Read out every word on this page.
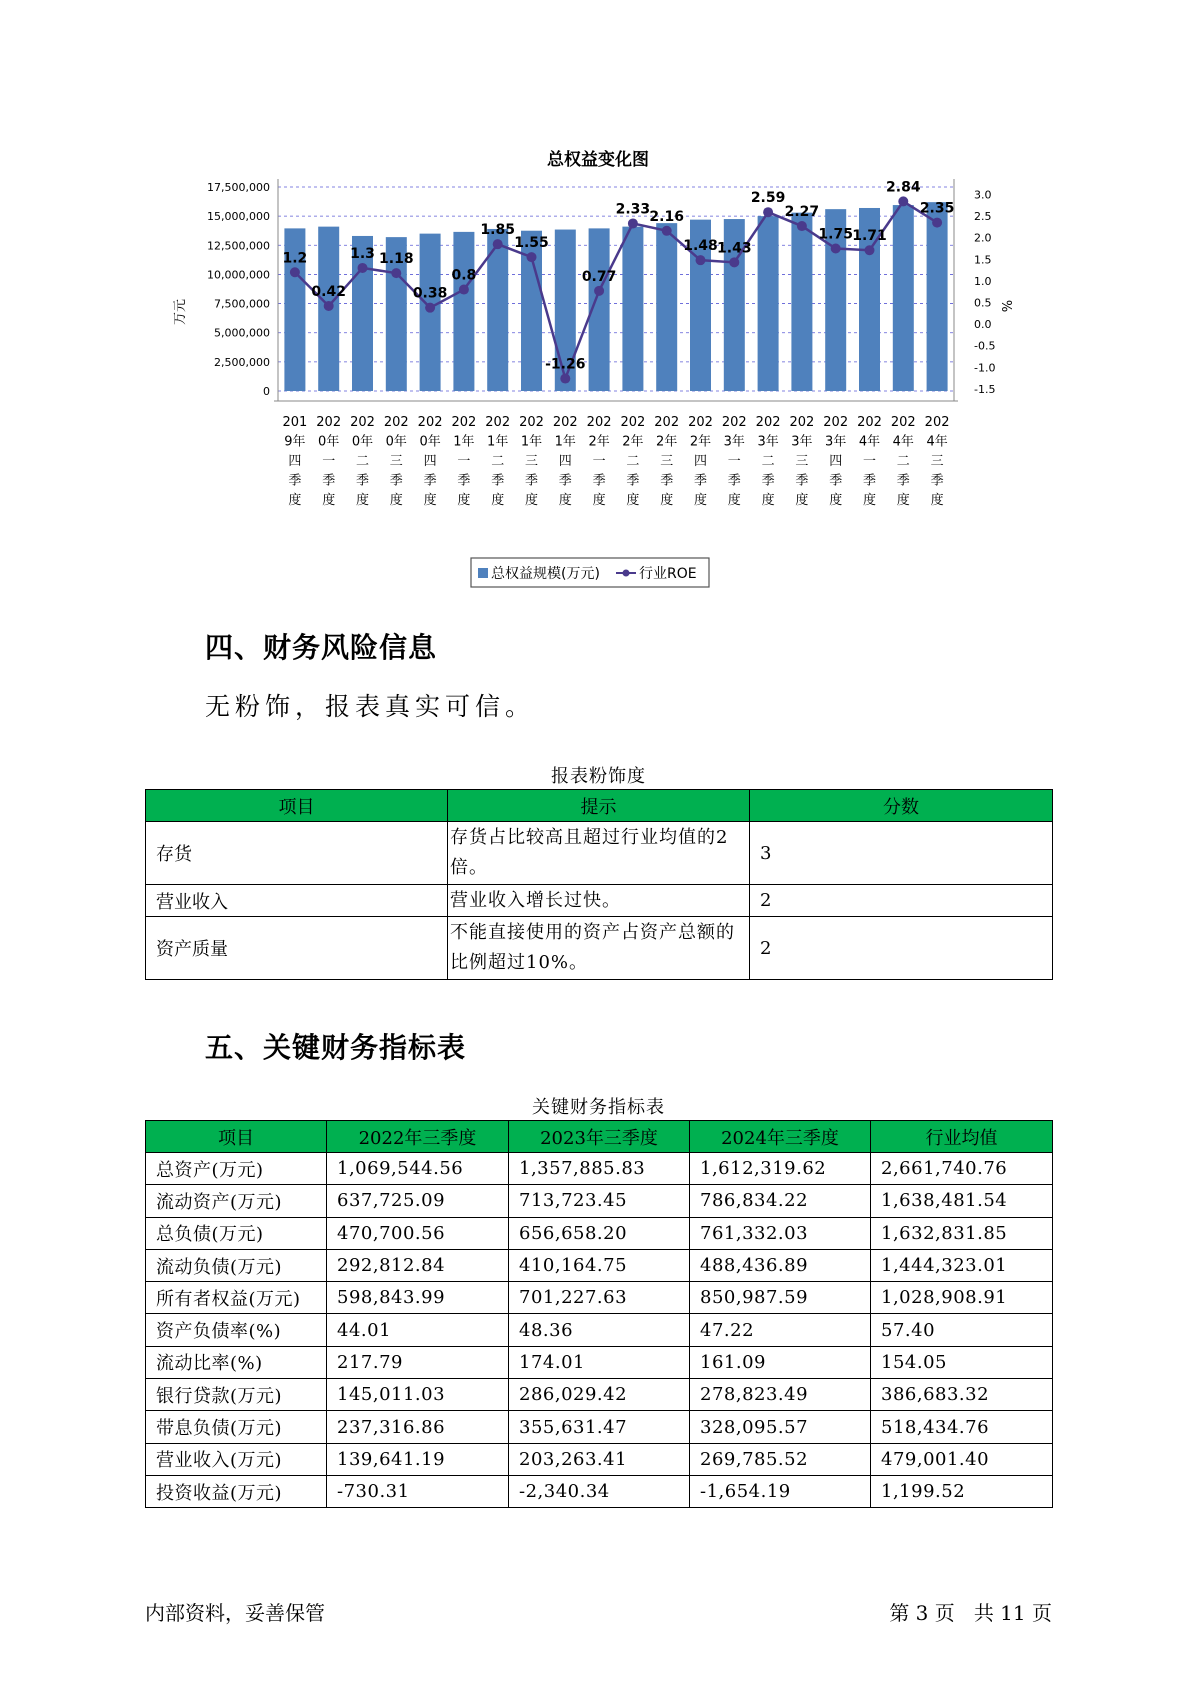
总权益变化图
1.2
0.42
1.3 1.18
0.38
0.8
1.85
1.55
-1.26
0.77
2.33 2.16
1.48 1.43
2.59
2.27
1.75 1.71
2.84
2.35
0
2,500,000
5,000,000
7,500,000
10,000,000
12,500,000
15,000,000
17,500,000
-1.5
-1.0
-0.5
0.0
0.5
1.0
1.5
2.0
2.5
3.0
201 9年四季度
202 0年一季度
202 0年二季度
202 0年三季度
202 0年四季度
202 1年一季度
202 1年二季度
202 1年三季度
202 1年四季度
202 2年一季度
202 2年二季度
202 2年三季度
202 2年四季度
202 3年一季度
202 3年二季度
202 3年三季度
202 3年四季度
202 4年一季度
202 4年二季度
202 4年三季度
万元	%
总权益规模(万元)	行业ROE
四、财务风险信息

无粉饰，报表真实可信。

报表粉饰度
项目	提示	分数
存货	存货占比较高且超过行业均值的2倍。	3
营业收入	营业收入增长过快。	2
资产质量	不能直接使用的资产占资产总额的比例超过10%。	2
五、关键财务指标表
关键财务指标表
项目	2022年三季度	2023年三季度	2024年三季度	行业均值
总资产(万元)	1,069,544.56	1,357,885.83	1,612,319.62	2,661,740.76
流动资产(万元)	637,725.09	713,723.45	786,834.22	1,638,481.54
总负债(万元)	470,700.56	656,658.20	761,332.03	1,632,831.85
流动负债(万元)	292,812.84	410,164.75	488,436.89	1,444,323.01
所有者权益(万元)	598,843.99	701,227.63	850,987.59	1,028,908.91
资产负债率(%)	44.01	48.36	47.22	57.40
流动比率(%)	217.79	174.01	161.09	154.05
银行贷款(万元)	145,011.03	286,029.42	278,823.49	386,683.32
带息负债(万元)	237,316.86	355,631.47	328,095.57	518,434.76
营业收入(万元)	139,641.19	203,263.41	269,785.52	479,001.40
投资收益(万元)	-730.31	-2,340.34	-1,654.19	1,199.52
内部资料，妥善保管	第 3 页   共 11 页
